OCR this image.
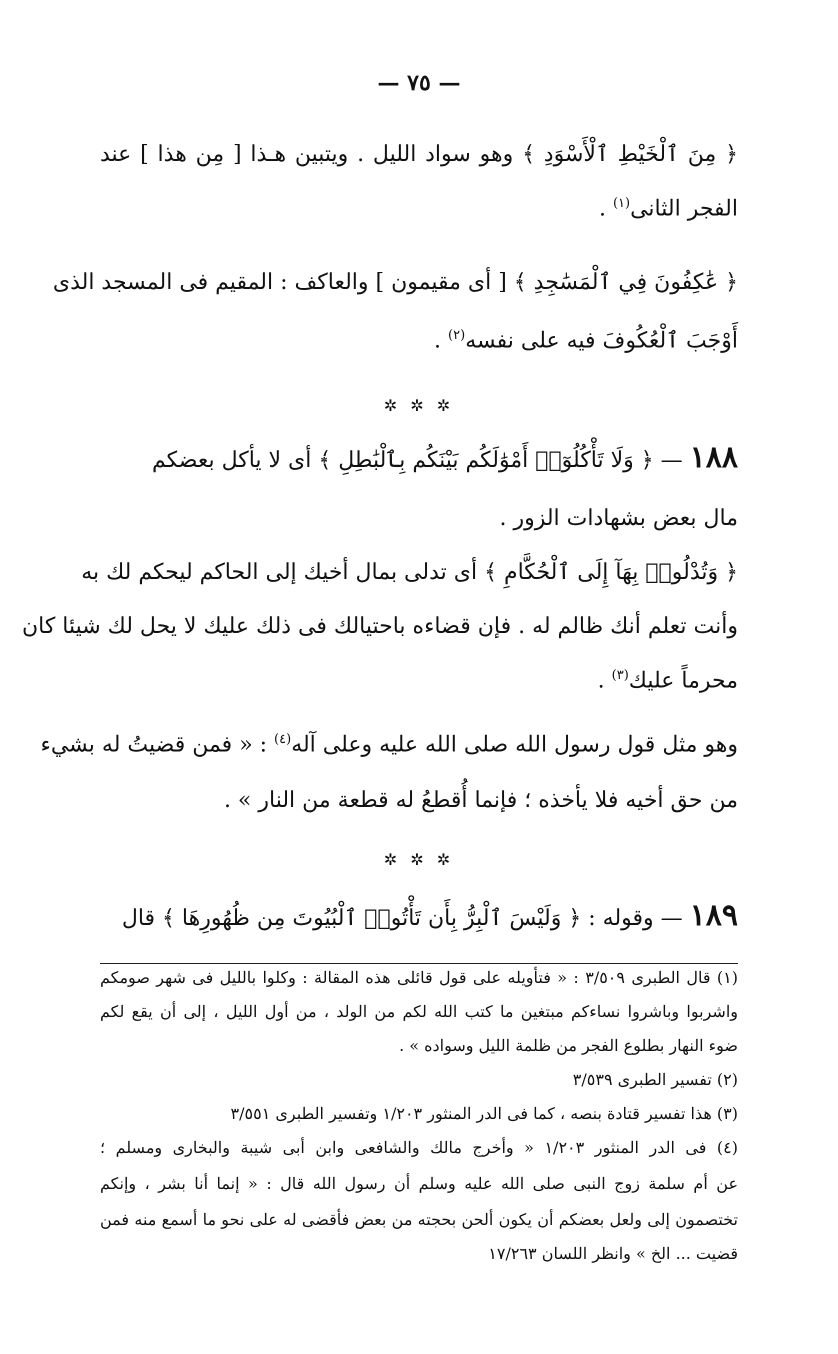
— ٧٥ —
﴿ مِنَ ٱلْخَيْطِ ٱلْأَسْوَدِ ﴾ وهو سواد الليل . ويتبين هـذا [ مِن هذا ] عند
الفجر الثانى$^{(١)}$ .
﴿ عَٰكِفُونَ فِي ٱلْمَسَٰجِدِ ﴾ [ أى مقيمون ] والعاكف : المقيم فى المسجد الذى
أَوْجَبَ ٱلْعُكُوفَ فيه على نفسه$^{(٢)}$ .
✲ ✲ ✲
١٨٨ — ﴿ وَلَا تَأْكُلُوٓا۟ أَمْوَٰلَكُم بَيْنَكُم بِٱلْبَٰطِلِ ﴾ أى لا يأكل بعضكم
مال بعض بشهادات الزور .
﴿ وَتُدْلُوا۟ بِهَآ إِلَى ٱلْحُكَّامِ ﴾ أى تدلى بمال أخيك إلى الحاكم ليحكم لك به
وأنت تعلم أنك ظالم له . فإن قضاءه باحتيالك فى ذلك عليك لا يحل لك شيئا كان
محرماً عليك$^{(٣)}$ .
وهو مثل قول رسول الله صلى الله عليه وعلى آله$^{(٤)}$ : « فمن قضيتُ له بشيء
من حق أخيه فلا يأخذه ؛ فإنما أُقطعُ له قطعة من النار » .
✲ ✲ ✲
١٨٩ — وقوله : ﴿ وَلَيْسَ ٱلْبِرُّ بِأَن تَأْتُوا۟ ٱلْبُيُوتَ مِن ظُهُورِهَا ﴾ قال
(١) قال الطبرى ٣/٥٠٩ : « فتأويله على قول قائلى هذه المقالة : وكلوا بالليل فى شهر صومكم
واشربوا وباشروا نساءكم مبتغين ما كتب الله لكم من الولد ، من أول الليل ، إلى أن يقع لكم
ضوء النهار بطلوع الفجر من ظلمة الليل وسواده » .
(٢) تفسير الطبرى ٣/٥٣٩
(٣) هذا تفسير قتادة بنصه ، كما فى الدر المنثور ١/٢٠٣ وتفسير الطبرى ٣/٥٥١
(٤) فى الدر المنثور ١/٢٠٣ « وأخرج مالك والشافعى وابن أبى شيبة والبخارى ومسلم ؛
عن أم سلمة زوج النبى صلى الله عليه وسلم أن رسول الله قال : « إنما أنا بشر ، وإنكم
تختصمون إلى ولعل بعضكم أن يكون ألحن بحجته من بعض فأقضى له على نحو ما أسمع منه فمن
قضيت ... الخ » وانظر اللسان ١٧/٢٦٣
